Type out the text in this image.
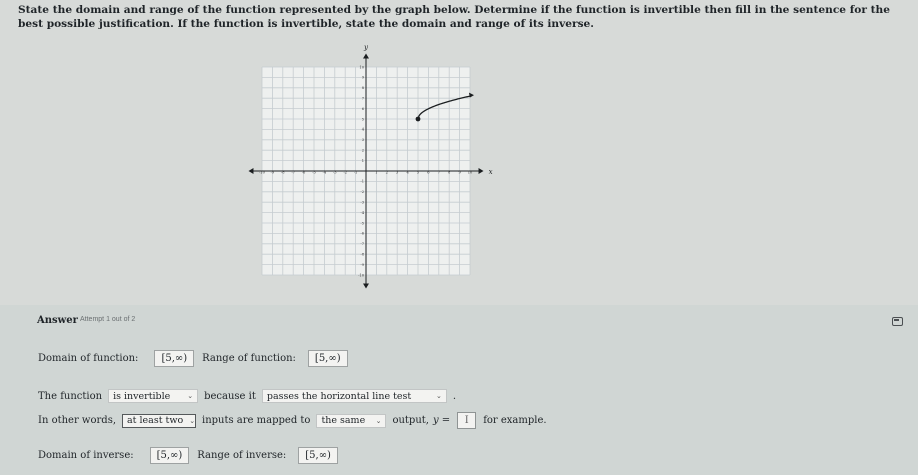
State the domain and range of the function represented by the graph below. Determine if the function is invertible then fill in the sentence for the best possible justification. If the function is invertible, state the domain and range of its inverse.
x
y
-10 -9 -8 -7 -6 -5 -4 -3 -2 -1	1 2 3 4 5 6 7 8 9 10
10
9
8
7
6
5
4
3
2
1
-1
-2
-3
-4
-5
-6
-7
-8
-9
-10
Answer Attempt 1 out of 2
Domain of function:	[5,∞)	Range of function:	[5,∞)
The function is invertible ⌄ because it passes the horizontal line test	⌄ .
In other words, at least two ⌄ inputs are mapped to the same ⌄ output, y = I for example.
Domain of inverse:	[5,∞)	Range of inverse:	[5,∞)
